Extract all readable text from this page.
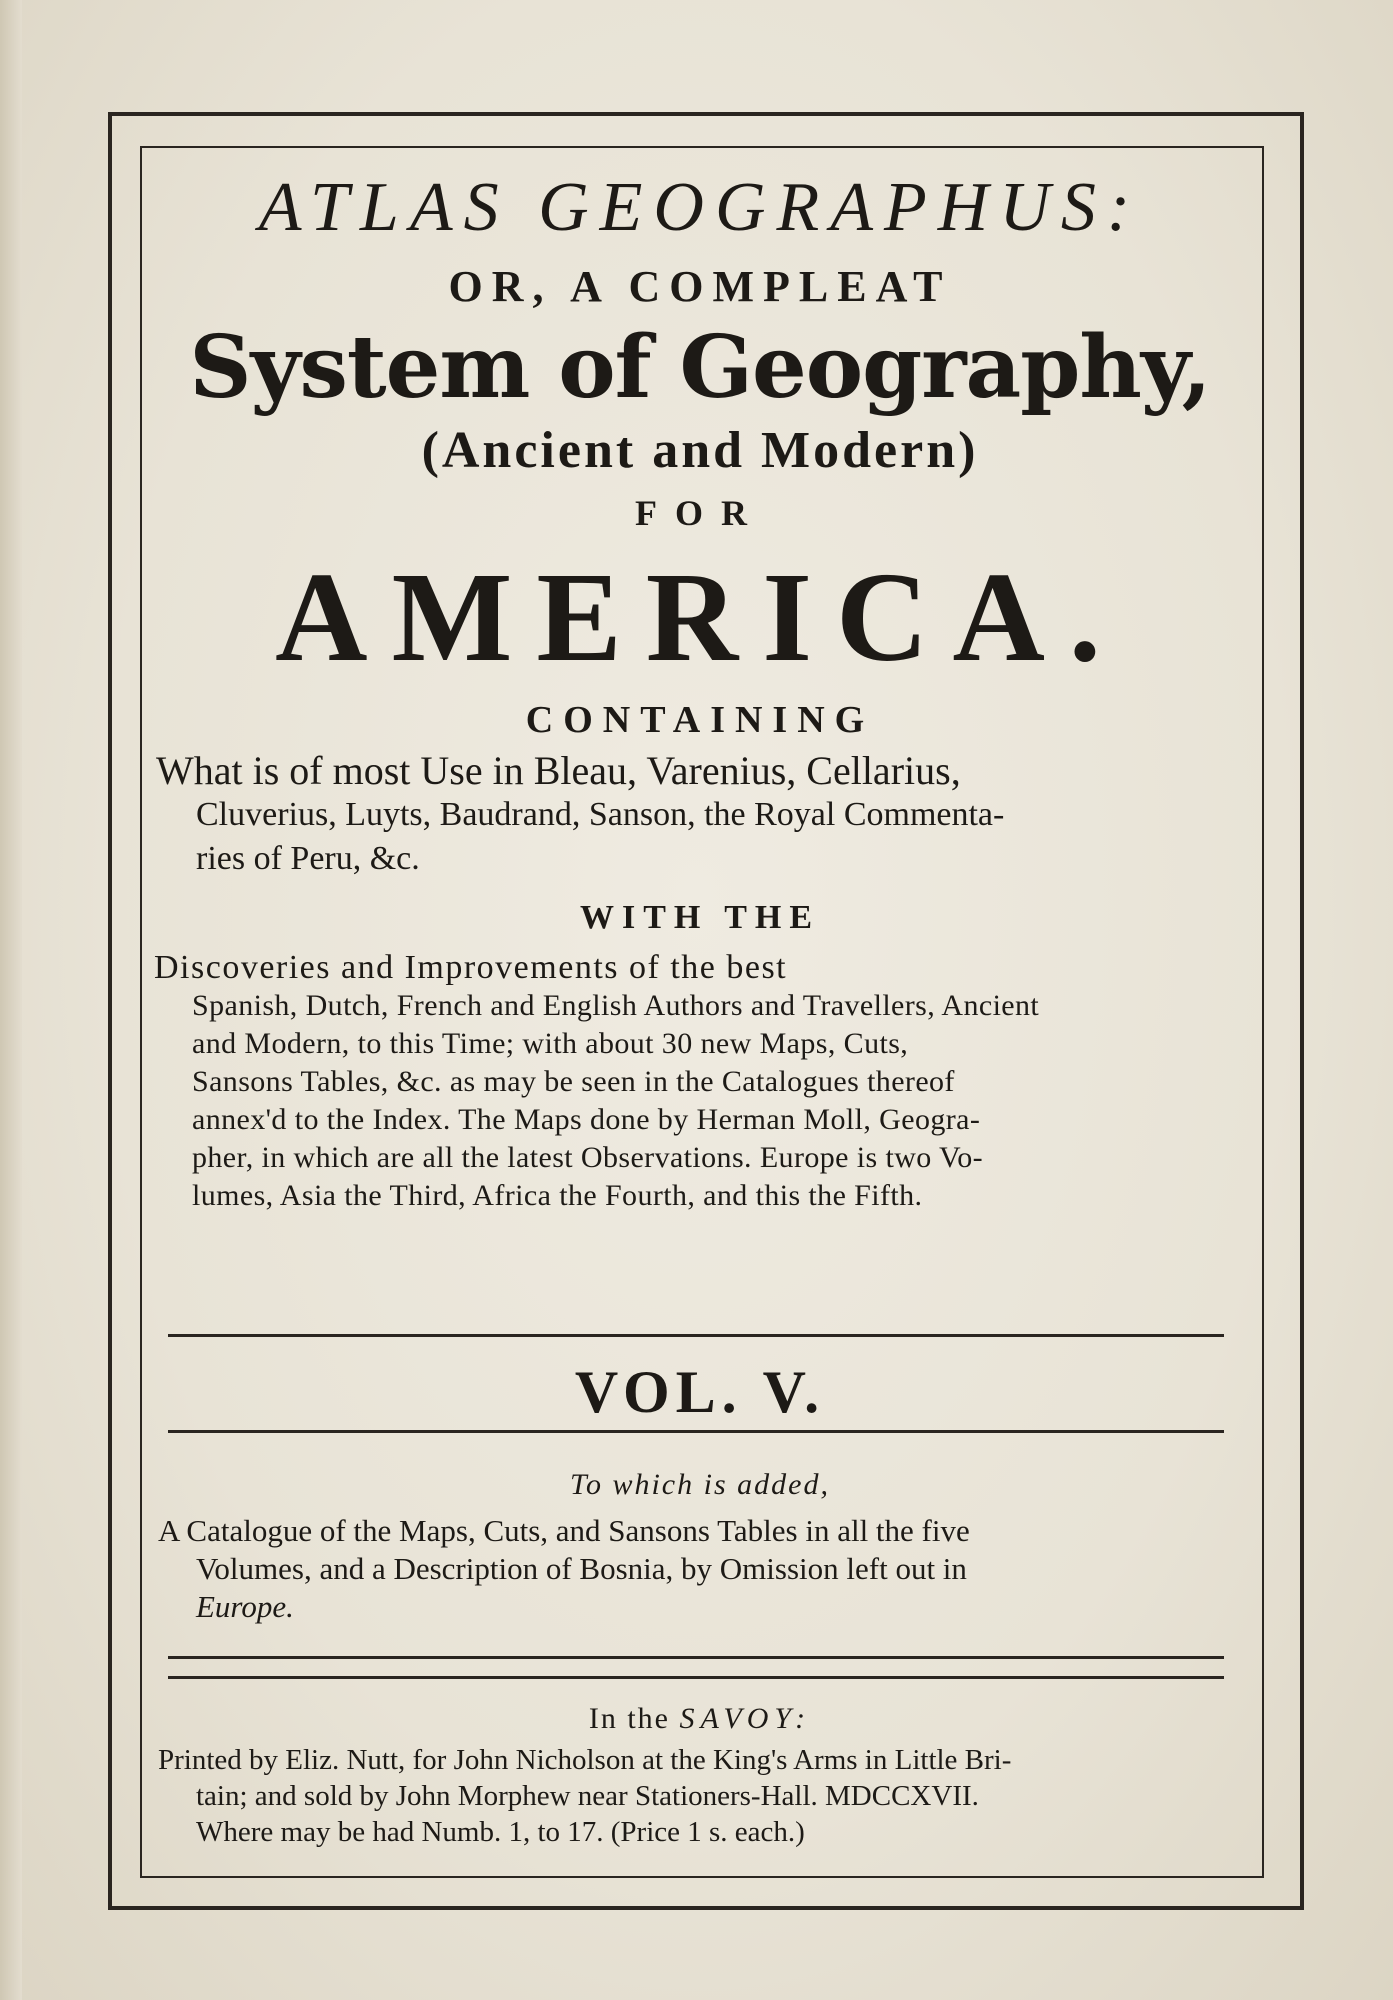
ATLAS GEOGRAPHUS:
OR, A COMPLEAT
System of Geography,
(Ancient and Modern)
FOR
AMERICA.
CONTAINING
What is of most Use in Bleau, Varenius, Cellarius,
Cluverius, Luyts, Baudrand, Sanson, the Royal Commenta-
ries of Peru, &c.
WITH THE
Discoveries and Improvements of the best
Spanish, Dutch, French and English Authors and Travellers, Ancient
and Modern, to this Time; with about 30 new Maps, Cuts,
Sansons Tables, &c. as may be seen in the Catalogues thereof
annex'd to the Index. The Maps done by Herman Moll, Geogra-
pher, in which are all the latest Observations. Europe is two Vo-
lumes, Asia the Third, Africa the Fourth, and this the Fifth.
VOL. V.
To which is added,
A Catalogue of the Maps, Cuts, and Sansons Tables in all the five
Volumes, and a Description of Bosnia, by Omission left out in
Europe.
In the SAVOY:
Printed by Eliz. Nutt, for John Nicholson at the King's Arms in Little Bri-
tain; and sold by John Morphew near Stationers-Hall. MDCCXVII.
Where may be had Numb. 1, to 17. (Price 1 s. each.)
